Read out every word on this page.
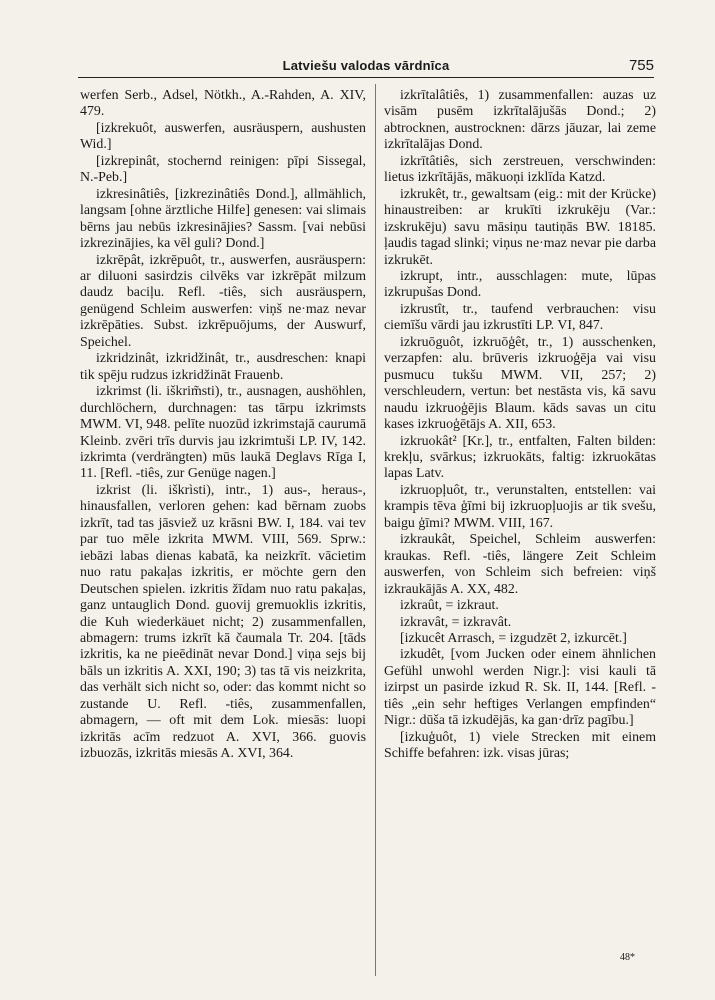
Latviešu valodas vārdnīca	755

werfen Serb., Adsel, Nötkh., A.-Rahden, A. XIV, 479.

[izkrekuôt, auswerfen, ausräuspern, aushusten Wid.]

[izkrepinât, stochernd reinigen: pīpi Sissegal, N.-Peb.]

izkresinâtiês, [izkrezinâtiês Dond.], allmählich, langsam [ohne ärztliche Hilfe] genesen: vai slimais bērns jau nebūs izkresinājies? Sassm. [vai nebūsi izkrezinājies, ka vēl guli? Dond.]

izkrēpât, izkrēpuôt, tr., auswerfen, ausräuspern: ar diluoni sasirdzis cilvēks var izkrēpāt milzum daudz baciļu. Refl. -tiês, sich ausräuspern, genügend Schleim auswerfen: viņš ne·maz nevar izkrēpāties. Subst. izkrēpuōjums, der Auswurf, Speichel.

izkridzinât, izkridžinât, tr., ausdreschen: knapi tik spēju rudzus izkridžināt Frauenb.

izkrimst (li. iškrim̃sti), tr., ausnagen, aushöhlen, durchlöchern, durchnagen: tas tārpu izkrimsts MWM. VI, 948. pelīte nuozūd izkrimstajā caurumā Kleinb. zvēri trīs durvis jau izkrimtuši LP. IV, 142. izkrimta (verdrängten) mūs laukā Deglavs Rīga I, 11. [Refl. -tiês, zur Genüge nagen.]

izkrist (li. iškrìsti), intr., 1) aus-, heraus-, hinausfallen, verloren gehen: kad bērnam zuobs izkrīt, tad tas jāsviež uz krāsni BW. I, 184. vai tev par tuo mēle izkrita MWM. VIII, 569. Sprw.: iebāzi labas dienas kabatā, ka neizkrīt. vācietim nuo ratu pakaļas izkritis, er möchte gern den Deutschen spielen. izkritis žīdam nuo ratu pakaļas, ganz untauglich Dond. guovij gremuoklis izkritis, die Kuh wiederkäuet nicht; 2) zusammenfallen, abmagern: trums izkrīt kā čaumala Tr. 204. [tāds izkritis, ka ne pieēdināt nevar Dond.] viņa sejs bij bāls un izkritis A. XXI, 190; 3) tas tā vis neizkrita, das verhält sich nicht so, oder: das kommt nicht so zustande U. Refl. -tiês, zusammenfallen, abmagern, — oft mit dem Lok. miesās: luopi izkritās acīm redzuot A. XVI, 366. guovis izbuozās, izkritās miesās A. XVI, 364.

izkrītalâtiês, 1) zusammenfallen: auzas uz visām pusēm izkrītalājušās Dond.; 2) abtrocknen, austrocknen: dārzs jāuzar, lai zeme izkrītalājas Dond.

izkrītâtiês, sich zerstreuen, verschwinden: lietus izkrītājās, mākuoņi izklīda Katzd.

izkrukêt, tr., gewaltsam (eig.: mit der Krücke) hinaustreiben: ar krukīti izkrukēju (Var.: izskrukēju) savu māsiņu tautiņās BW. 18185. ļaudis tagad slinki; viņus ne·maz nevar pie darba izkrukēt.

izkrupt, intr., ausschlagen: mute, lūpas izkrupušas Dond.

izkrustît, tr., taufend verbrauchen: visu ciemīšu vārdi jau izkrustīti LP. VI, 847.

izkruōguôt, izkruōģêt, tr., 1) ausschenken, verzapfen: alu. brūveris izkruoģēja vai visu pusmucu tukšu MWM. VII, 257; 2) verschleudern, vertun: bet nestāsta vis, kā savu naudu izkruoģējis Blaum. kāds savas un citu kases izkruoģētājs A. XII, 653.

izkruokât² [Kr.], tr., entfalten, Falten bilden: krekļu, svārkus; izkruokāts, faltig: izkruokātas lapas Latv.

izkruopļuôt, tr., verunstalten, entstellen: vai krampis tēva ģīmi bij izkruopļuojis ar tik svešu, baigu ģīmi? MWM. VIII, 167.

izkraukât, Speichel, Schleim auswerfen: kraukas. Refl. -tiês, längere Zeit Schleim auswerfen, von Schleim sich befreien: viņš izkraukājās A. XX, 482.

izkraût, = izkraut.

izkravât, = izkravât.

[izkucêt Arrasch, = izgudzēt 2, izkurcēt.]

izkudêt, [vom Jucken oder einem ähnlichen Gefühl unwohl werden Nigr.]: visi kauli tā izirpst un pasirde izkud R. Sk. II, 144. [Refl. -tiês „ein sehr heftiges Verlangen empfinden“ Nigr.: dūša tā izkudējās, ka gan·drīz pagību.]

[izkuģuôt, 1) viele Strecken mit einem Schiffe befahren: izk. visas jūras;

48*
